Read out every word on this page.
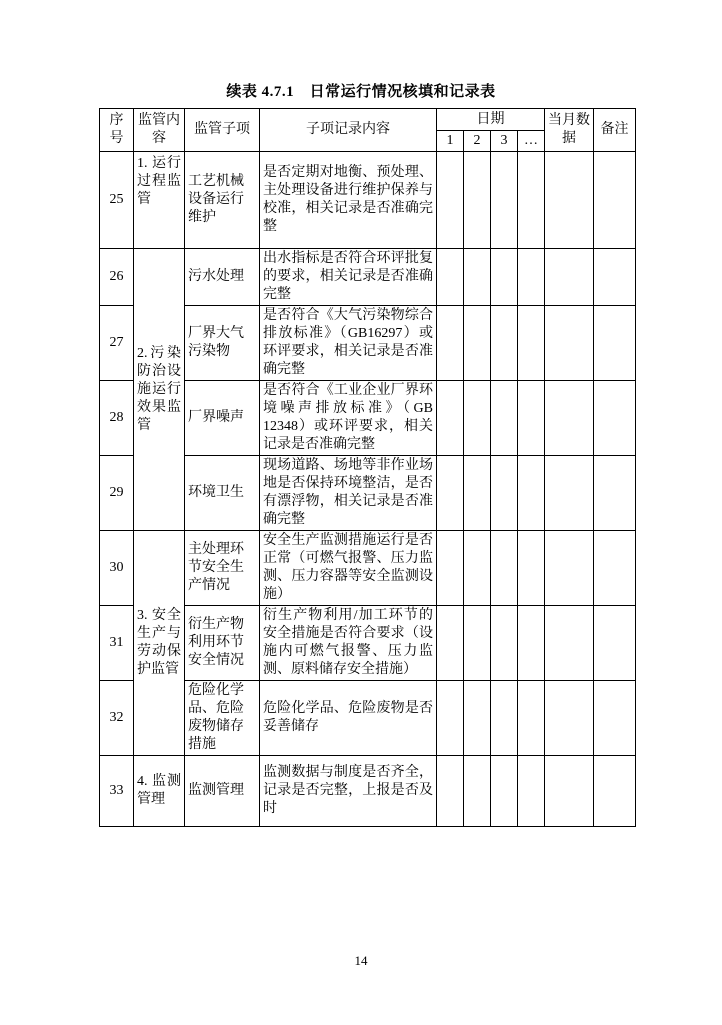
续表 4.7.1　日常运行情况核填和记录表
序号	监管内容	监管子项	子项记录内容	日期				当月数据	备注
				1	2	3	…		
25	1. 运行过程监管	工艺机械设备运行维护	是否定期对地衡、预处理、主处理设备进行维护保养与校准，相关记录是否准确完整						
26	2.污染防治设施运行效果监管	污水处理	出水指标是否符合环评批复的要求，相关记录是否准确完整						
27		厂界大气污染物	是否符合《大气污染物综合排放标准》（GB16297）或环评要求，相关记录是否准确完整						
28		厂界噪声	是否符合《工业企业厂界环境噪声排放标准》（GB 12348）或环评要求，相关记录是否准确完整						
29		环境卫生	现场道路、场地等非作业场地是否保持环境整洁，是否有漂浮物，相关记录是否准确完整						
30	3. 安全生产与劳动保护监管	主处理环节安全生产情况	安全生产监测措施运行是否正常（可燃气报警、压力监测、压力容器等安全监测设施）						
31		衍生产物利用环节安全情况	衍生产物利用/加工环节的安全措施是否符合要求（设施内可燃气报警、压力监测、原料储存安全措施）						
32		危险化学品、危险废物储存措施	危险化学品、危险废物是否妥善储存						
33	4. 监测管理	监测管理	监测数据与制度是否齐全，记录是否完整，上报是否及时						
14
